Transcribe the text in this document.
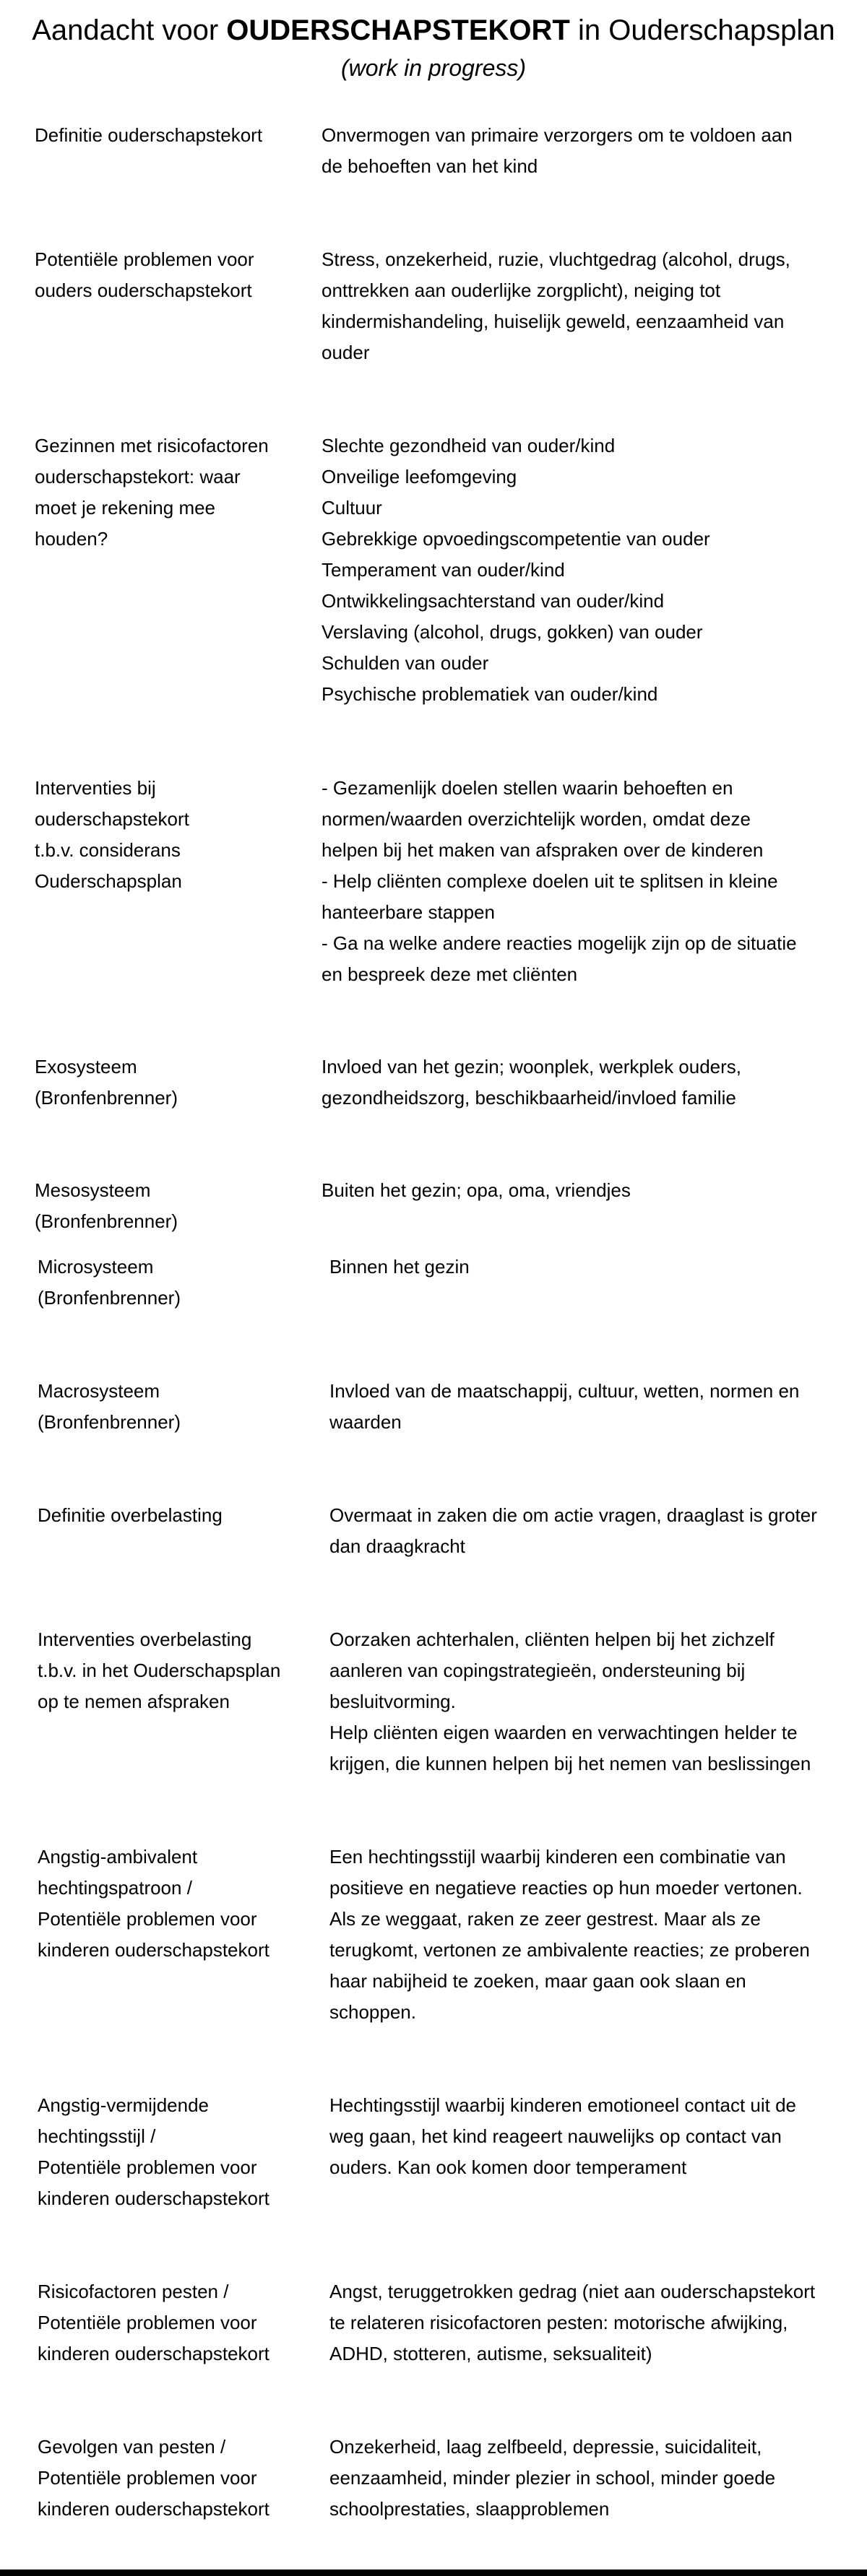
Aandacht voor OUDERSCHAPSTEKORT in Ouderschapsplan
(work in progress)
Definitie ouderschapstekort	Onvermogen van primaire verzorgers om te voldoen aan
de behoeften van het kind
Potentiële problemen voor
ouders ouderschapstekort
Stress, onzekerheid, ruzie, vluchtgedrag (alcohol, drugs,
onttrekken aan ouderlijke zorgplicht), neiging tot
kindermishandeling, huiselijk geweld, eenzaamheid van
ouder
Gezinnen met risicofactoren
ouderschapstekort: waar
moet je rekening mee
houden?
Slechte gezondheid van ouder/kind
Onveilige leefomgeving
Cultuur
Gebrekkige opvoedingscompetentie van ouder
Temperament van ouder/kind
Ontwikkelingsachterstand van ouder/kind
Verslaving (alcohol, drugs, gokken) van ouder
Schulden van ouder
Psychische problematiek van ouder/kind
Interventies bij
ouderschapstekort
t.b.v. considerans
Ouderschapsplan
- Gezamenlijk doelen stellen waarin behoeften en
normen/waarden overzichtelijk worden, omdat deze
helpen bij het maken van afspraken over de kinderen
- Help cliënten complexe doelen uit te splitsen in kleine
hanteerbare stappen
- Ga na welke andere reacties mogelijk zijn op de situatie
en bespreek deze met cliënten
Exosysteem
(Bronfenbrenner)
Invloed van het gezin; woonplek, werkplek ouders,
gezondheidszorg, beschikbaarheid/invloed familie
Mesosysteem
(Bronfenbrenner)
Buiten het gezin; opa, oma, vriendjes
Microsysteem
(Bronfenbrenner)
Binnen het gezin
Macrosysteem
(Bronfenbrenner)
Invloed van de maatschappij, cultuur, wetten, normen en
waarden
Definitie overbelasting	Overmaat in zaken die om actie vragen, draaglast is groter
dan draagkracht
Interventies overbelasting
t.b.v. in het Ouderschapsplan
op te nemen afspraken
Oorzaken achterhalen, cliënten helpen bij het zichzelf
aanleren van copingstrategieën, ondersteuning bij
besluitvorming.
Help cliënten eigen waarden en verwachtingen helder te
krijgen, die kunnen helpen bij het nemen van beslissingen
Angstig-ambivalent
hechtingspatroon /
Potentiële problemen voor
kinderen ouderschapstekort
Een hechtingsstijl waarbij kinderen een combinatie van
positieve en negatieve reacties op hun moeder vertonen.
Als ze weggaat, raken ze zeer gestrest. Maar als ze
terugkomt, vertonen ze ambivalente reacties; ze proberen
haar nabijheid te zoeken, maar gaan ook slaan en
schoppen.
Angstig-vermijdende
hechtingsstijl /
Potentiële problemen voor
kinderen ouderschapstekort
Hechtingsstijl waarbij kinderen emotioneel contact uit de
weg gaan, het kind reageert nauwelijks op contact van
ouders. Kan ook komen door temperament
Risicofactoren pesten /
Potentiële problemen voor
kinderen ouderschapstekort
Angst, teruggetrokken gedrag (niet aan ouderschapstekort
te relateren risicofactoren pesten: motorische afwijking,
ADHD, stotteren, autisme, seksualiteit)
Gevolgen van pesten /
Potentiële problemen voor
kinderen ouderschapstekort
Onzekerheid, laag zelfbeeld, depressie, suicidaliteit,
eenzaamheid, minder plezier in school, minder goede
schoolprestaties, slaapproblemen
